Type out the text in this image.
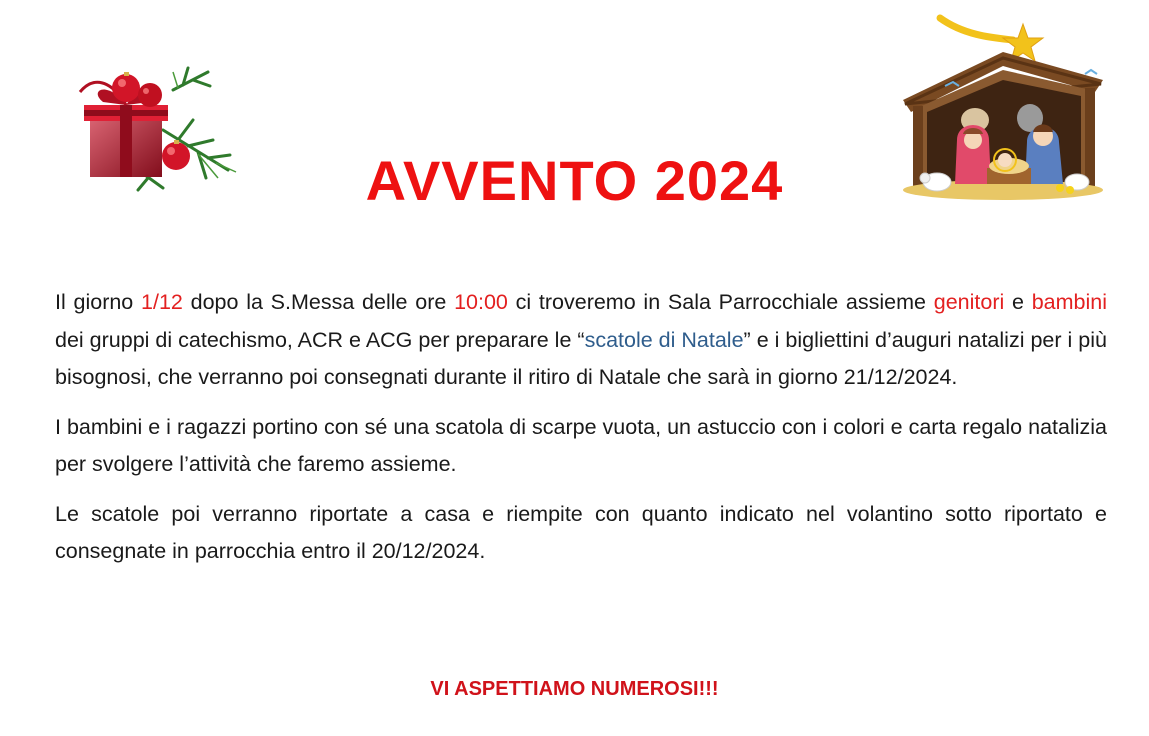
AVVENTO 2024

Il giorno 1/12 dopo la S.Messa delle ore 10:00 ci troveremo in Sala Parrocchiale assieme genitori e bambini dei gruppi di catechismo, ACR e ACG per preparare le “scatole di Natale” e i bigliettini d’auguri natalizi per i più bisognosi, che verranno poi consegnati durante il ritiro di Natale che sarà in giorno 21/12/2024.

I bambini e i ragazzi portino con sé una scatola di scarpe vuota, un astuccio con i colori e carta regalo natalizia per svolgere l’attività che faremo assieme.

Le scatole poi verranno riportate a casa e riempite con quanto indicato nel volantino sotto riportato e consegnate in parrocchia entro il 20/12/2024.

VI ASPETTIAMO NUMEROSI!!!
